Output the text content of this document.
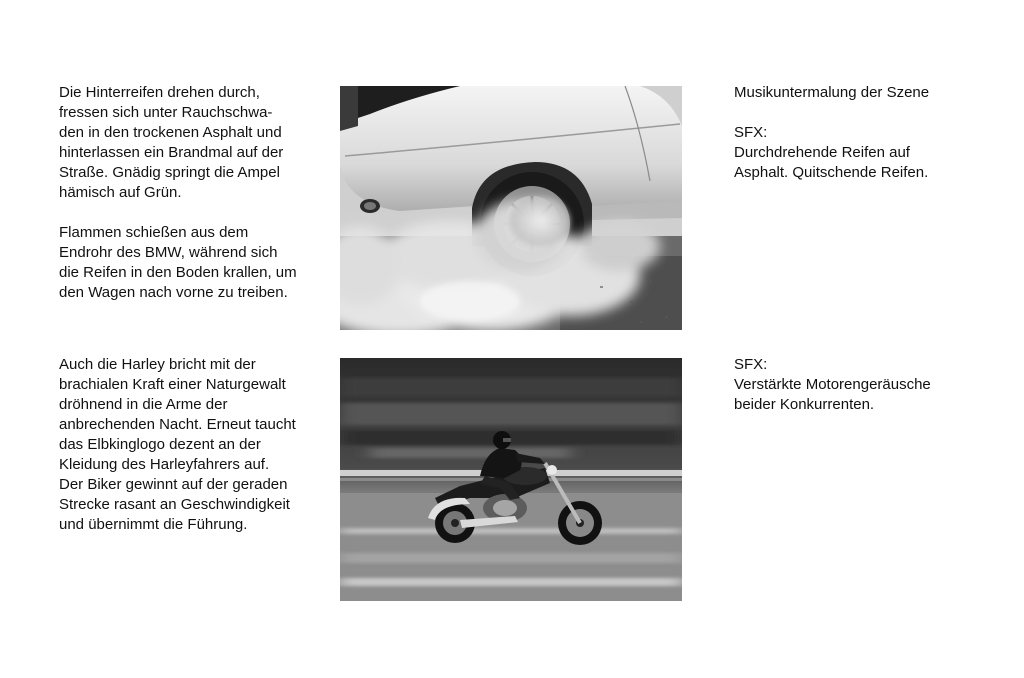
Die Hinterreifen drehen durch,
fressen sich unter Rauchschwa-
den in den trockenen Asphalt und
hinterlassen ein Brandmal auf der
Straße. Gnädig springt die Ampel
hämisch auf Grün.

Flammen schießen aus dem
Endrohr des BMW, während sich
die Reifen in den Boden krallen, um
den Wagen nach vorne zu treiben.
Musikuntermalung der Szene

SFX:
Durchdrehende Reifen auf
Asphalt. Quitschende Reifen.
Auch die Harley bricht mit der
brachialen Kraft einer Naturgewalt
dröhnend in die Arme der
anbrechenden Nacht. Erneut taucht
das Elbkinglogo dezent an der
Kleidung des Harleyfahrers auf.
Der Biker gewinnt auf der geraden
Strecke rasant an Geschwindigkeit
und übernimmt die Führung.
SFX:
Verstärkte Motorengeräusche
beider Konkurrenten.
